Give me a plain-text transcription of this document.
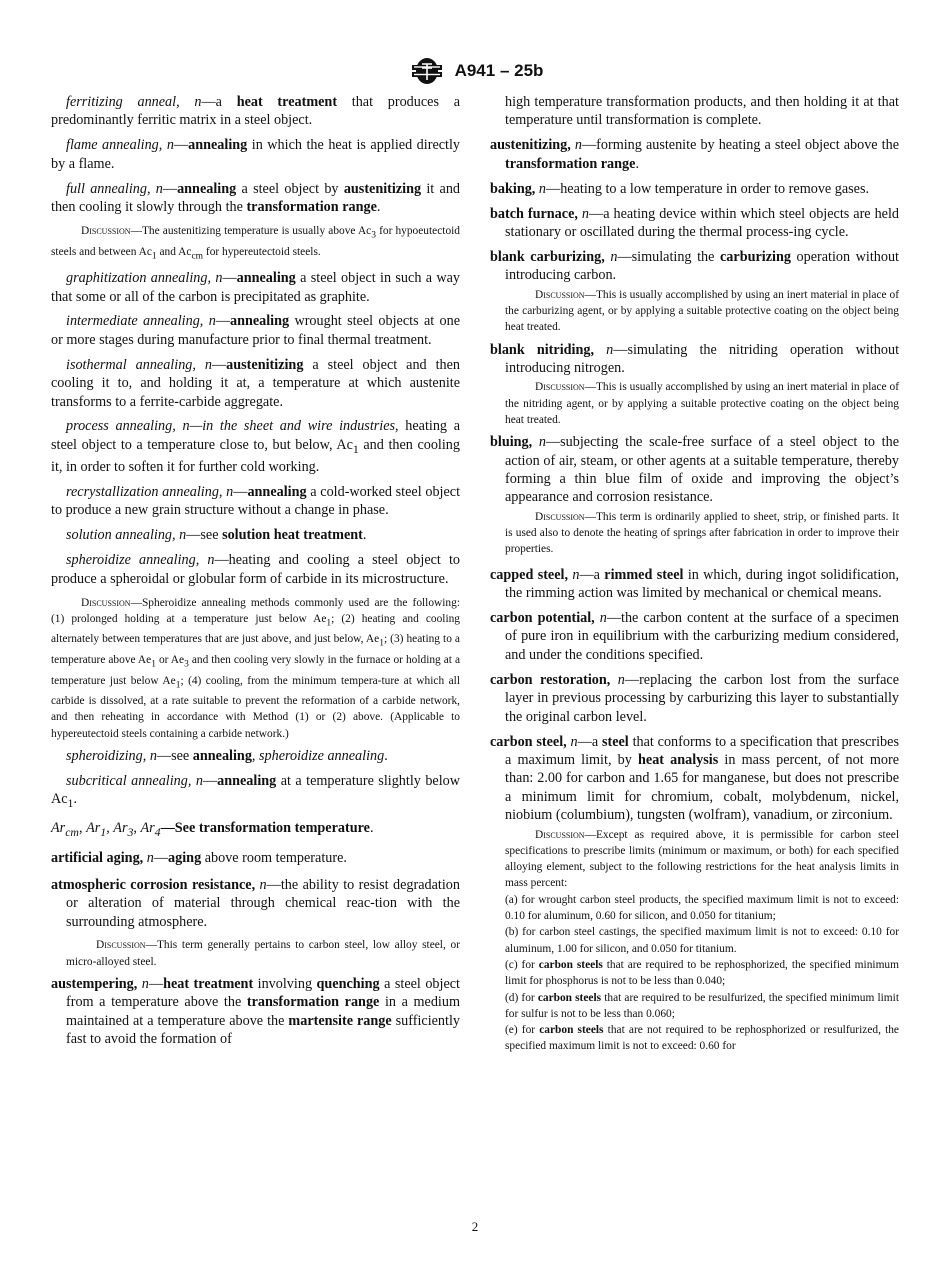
A941 – 25b

ferritizing anneal, n—a heat treatment that produces a predominantly ferritic matrix in a steel object.

flame annealing, n—annealing in which the heat is applied directly by a flame.

full annealing, n—annealing a steel object by austenitizing it and then cooling it slowly through the transformation range.

Discussion—The austenitizing temperature is usually above $Ac_3$ for hypoeutectoid steels and between $Ac_1$ and $Ac_{cm}$ for hypereutectoid steels.

graphitization annealing, n—annealing a steel object in such a way that some or all of the carbon is precipitated as graphite.

intermediate annealing, n—annealing wrought steel objects at one or more stages during manufacture prior to final thermal treatment.

isothermal annealing, n—austenitizing a steel object and then cooling it to, and holding it at, a temperature at which austenite transforms to a ferrite-carbide aggregate.

process annealing, n—in the sheet and wire industries, heating a steel object to a temperature close to, but below, $Ac_1$ and then cooling it, in order to soften it for further cold working.

recrystallization annealing, n—annealing a cold-worked steel object to produce a new grain structure without a change in phase.

solution annealing, n—see solution heat treatment.

spheroidize annealing, n—heating and cooling a steel object to produce a spheroidal or globular form of carbide in its microstructure.

Discussion—Spheroidize annealing methods commonly used are the following: (1) prolonged holding at a temperature just below $Ae_1$; (2) heating and cooling alternately between temperatures that are just above, and just below, $Ae_1$; (3) heating to a temperature above $Ae_1$ or $Ae_3$ and then cooling very slowly in the furnace or holding at a temperature just below $Ae_1$; (4) cooling, from the minimum tempera-ture at which all carbide is dissolved, at a rate suitable to prevent the reformation of a carbide network, and then reheating in accordance with Method (1) or (2) above. (Applicable to hypereutectoid steels containing a carbide network.)

spheroidizing, n—see annealing, spheroidize annealing.

subcritical annealing, n—annealing at a temperature slightly below $Ac_1$.

$Ar_{cm}$, $Ar_1$, $Ar_3$, $Ar_4—See$ transformation temperature.

artificial aging, n—aging above room temperature.

atmospheric corrosion resistance, n—the ability to resist degradation or alteration of material through chemical reac-tion with the surrounding atmosphere.

Discussion—This term generally pertains to carbon steel, low alloy steel, or micro-alloyed steel.

austempering, n—heat treatment involving quenching a steel object from a temperature above the transformation range in a medium maintained at a temperature above the martensite range sufficiently fast to avoid the formation of

high temperature transformation products, and then holding it at that temperature until transformation is complete.

austenitizing, n—forming austenite by heating a steel object above the transformation range.

baking, n—heating to a low temperature in order to remove gases.

batch furnace, n—a heating device within which steel objects are held stationary or oscillated during the thermal process-ing cycle.

blank carburizing, n—simulating the carburizing operation without introducing carbon.

Discussion—This is usually accomplished by using an inert material in place of the carburizing agent, or by applying a suitable protective coating on the object being heat treated.

blank nitriding, n—simulating the nitriding operation without introducing nitrogen.

Discussion—This is usually accomplished by using an inert material in place of the nitriding agent, or by applying a suitable protective coating on the object being heat treated.

bluing, n—subjecting the scale-free surface of a steel object to the action of air, steam, or other agents at a suitable temperature, thereby forming a thin blue film of oxide and improving the object’s appearance and corrosion resistance.

Discussion—This term is ordinarily applied to sheet, strip, or finished parts. It is used also to denote the heating of springs after fabrication in order to improve their properties.

capped steel, n—a rimmed steel in which, during ingot solidification, the rimming action was limited by mechanical or chemical means.

carbon potential, n—the carbon content at the surface of a specimen of pure iron in equilibrium with the carburizing medium considered, and under the conditions specified.

carbon restoration, n—replacing the carbon lost from the surface layer in previous processing by carburizing this layer to substantially the original carbon level.

carbon steel, n—a steel that conforms to a specification that prescribes a maximum limit, by heat analysis in mass percent, of not more than: 2.00 for carbon and 1.65 for manganese, but does not prescribe a minimum limit for chromium, cobalt, molybdenum, nickel, niobium (columbium), tungsten (wolfram), vanadium, or zirconium.

Discussion—Except as required above, it is permissible for carbon steel specifications to prescribe limits (minimum or maximum, or both) for each specified alloying element, subject to the following restrictions for the heat analysis limits in mass percent:

(a) for wrought carbon steel products, the specified maximum limit is not to exceed: 0.10 for aluminum, 0.60 for silicon, and 0.050 for titanium;

(b) for carbon steel castings, the specified maximum limit is not to exceed: 0.10 for aluminum, 1.00 for silicon, and 0.050 for titanium.

(c) for carbon steels that are required to be rephosphorized, the specified minimum limit for phosphorus is not to be less than 0.040;

(d) for carbon steels that are required to be resulfurized, the specified minimum limit for sulfur is not to be less than 0.060;

(e) for carbon steels that are not required to be rephosphorized or resulfurized, the specified maximum limit is not to exceed: 0.60 for

2
